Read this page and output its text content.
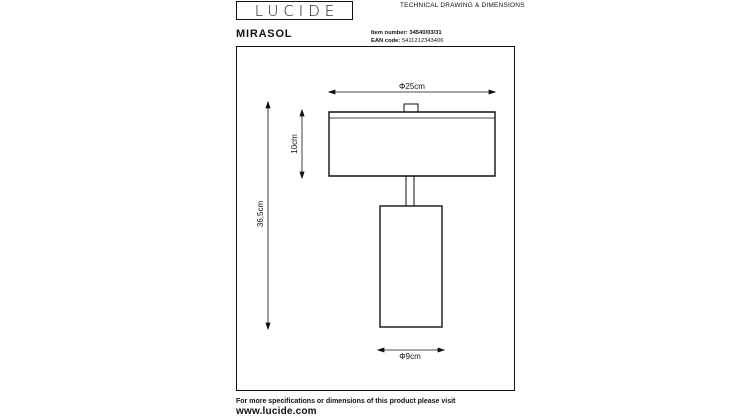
LUCIDE	TECHNICAL DRAWING & DIMENSIONS
MIRASOL	Item number: 34540/03/31
EAN code: 5411212343406
Φ25cm
10cm
36,5cm
Φ9cm
For more specifications or dimensions of this product please visit
www.lucide.com
